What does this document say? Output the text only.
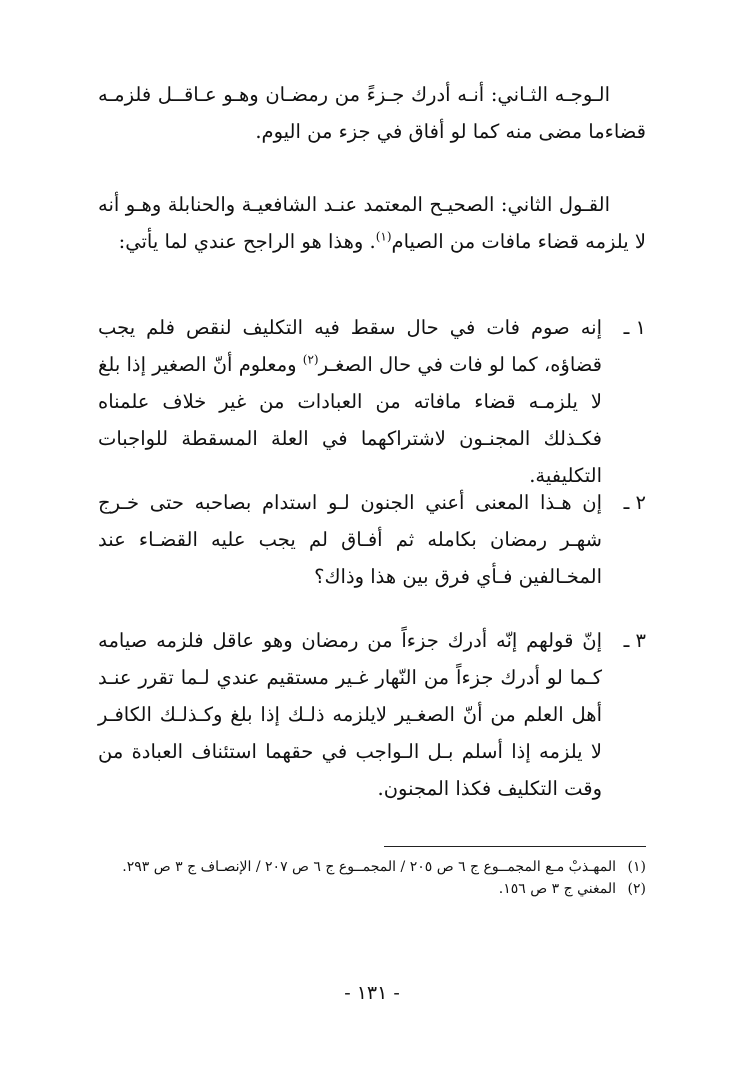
الـوجـه الثـاني: أنـه أدرك جـزءً من رمضـان وهـو عـاقــل فلزمـه قضاءما مضى منه كما لو أفاق في جزء من اليوم.

القـول الثاني: الصحيـح المعتمد عنـد الشافعيـة والحنابلة وهـو أنه لا يلزمه قضاء مافات من الصيام$^{(١)}$. وهذا هو الراجح عندي لما يأتي:

١ ـ

إنه صوم فات في حال سقط فيه التكليف لنقص فلم يجب قضاؤه، كما لو فات في حال الصغـر$^{(٢)}$ ومعلوم أنّ الصغير إذا بلغ لا يلزمـه قضاء مافاته من العبادات من غير خلاف علمناه فكـذلك المجنـون لاشتراكهما في العلة المسقطة للواجبات التكليفية.

٢ ـ

إن هـذا المعنى أعني الجنون لـو استدام بصاحبه حتى خـرج شهـر رمضان بكامله ثم أفـاق لم يجب عليه القضـاء عند المخـالفين فـأي فرق بين هذا وذاك؟

٣ ـ

إنّ قولهم إنّه أدرك جزءاً من رمضان وهو عاقل فلزمه صيامه كـما لو أدرك جزءاً من النّهار غـير مستقيم عندي لـما تقرر عنـد أهل العلم من أنّ الصغـير لايلزمه ذلـك إذا بلغ وكـذلـك الكافـر لا يلزمه إذا أسلم بـل الـواجب في حقهما استئناف العبادة من وقت التكليف فكذا المجنون.

(١)
المهـذبْ مـع المجمــوع ج ٦ ص ٢٠٥ / المجمــوع ج ٦ ص ٢٠٧ / الإنصـاف ج ٣ ص ٢٩٣.
(٢)
المغني ج ٣ ص ١٥٦.
- ١٣١ -
